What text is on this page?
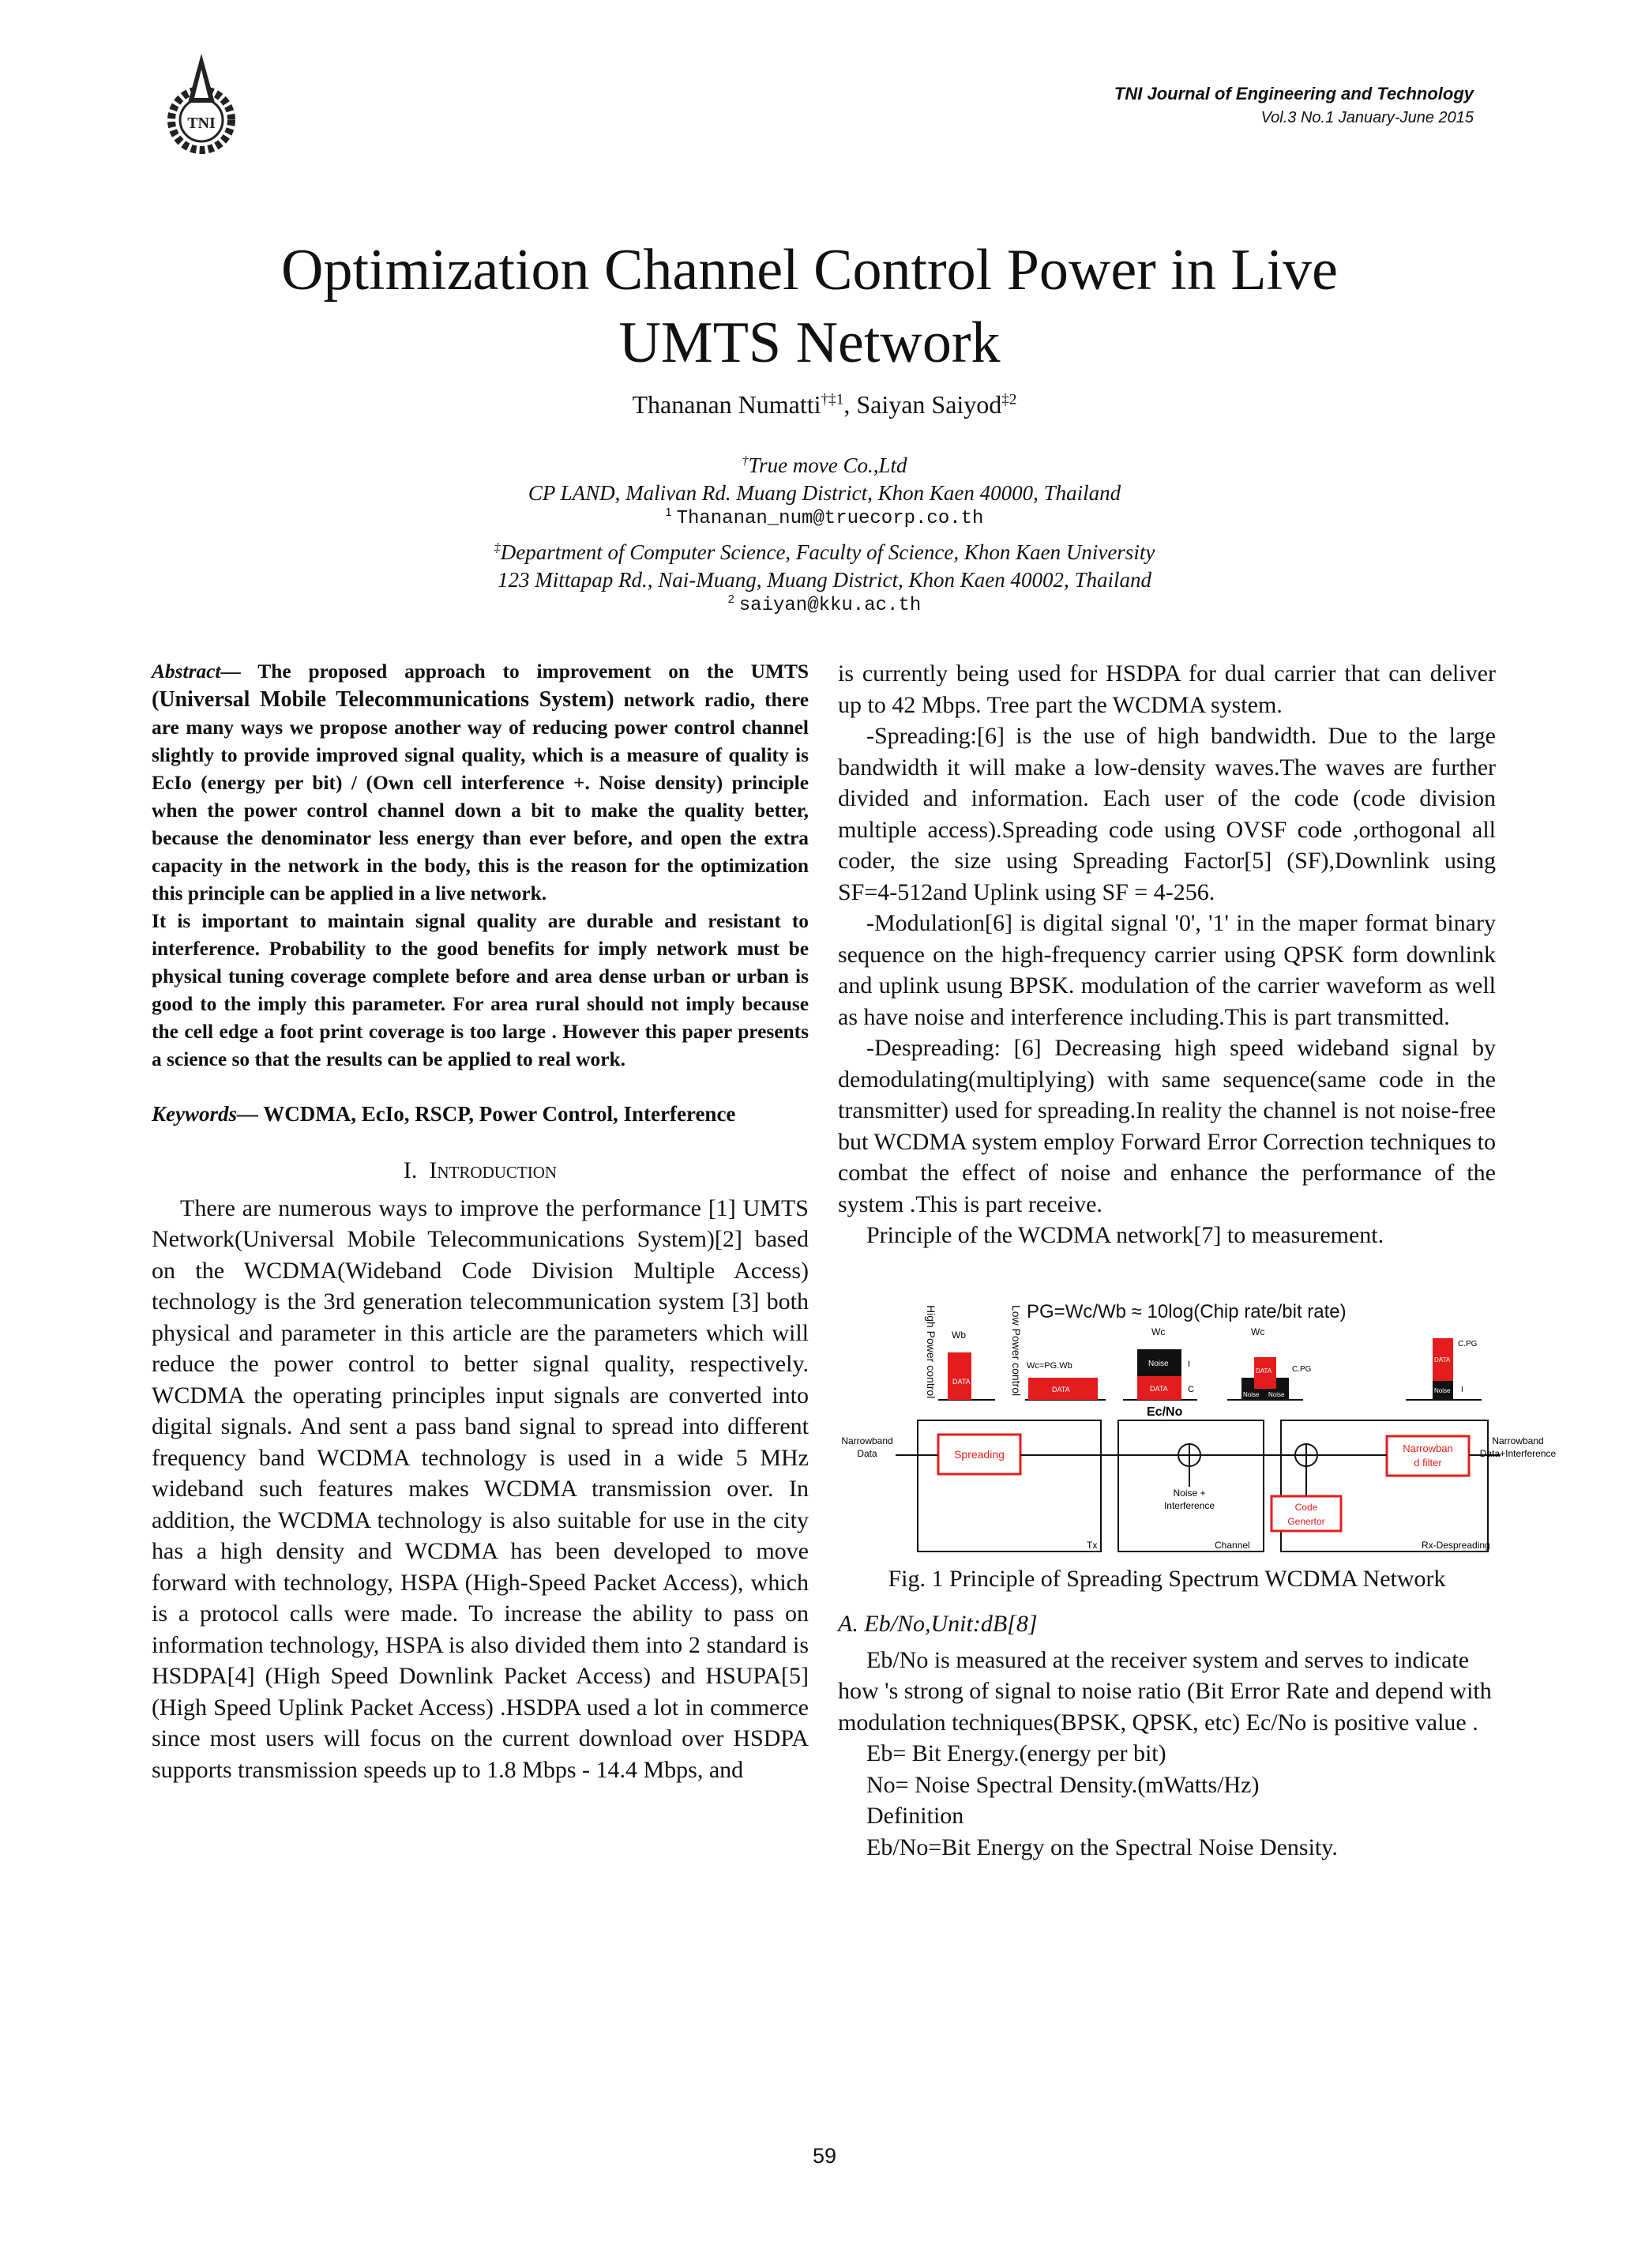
TNI
TNI Journal of Engineering and Technology
Vol.3 No.1 January-June 2015
Optimization Channel Control Power in Live
UMTS Network
Thananan Numatti$^{\dagger\ddagger 1}$, Saiyan Saiyod$^{\ddagger 2}$
†True move Co.,Ltd
CP LAND, Malivan Rd. Muang District, Khon Kaen 40000, Thailand
$^1$ Thananan_num@truecorp.co.th
‡Department of Computer Science, Faculty of Science, Khon Kaen University
123 Mittapap Rd., Nai-Muang, Muang District, Khon Kaen 40002, Thailand
$^2$ saiyan@kku.ac.th

Abstract— The proposed approach to improvement on the UMTS (Universal Mobile Telecommunications System) network radio, there are many ways we propose another way of reducing power control channel slightly to provide improved signal quality, which is a measure of quality is EcIo (energy per bit) / (Own cell interference +. Noise density) principle when the power control channel down a bit to make the quality better, because the denominator less energy than ever before, and open the extra capacity in the network in the body, this is the reason for the optimization this principle can be applied in a live network.

It is important to maintain signal quality are durable and resistant to interference. Probability to the good benefits for imply network must be physical tuning coverage complete before and area dense urban or urban is good to the imply this parameter. For area rural should not imply because the cell edge a foot print coverage is too large . However this paper presents a science so that the results can be applied to real work.

Keywords— WCDMA, EcIo, RSCP, Power Control, Interference

I. Introduction

There are numerous ways to improve the performance [1] UMTS Network(Universal Mobile Telecommunications System)[2] based on the WCDMA(Wideband Code Division Multiple Access) technology is the 3rd generation telecommunication system [3] both physical and parameter in this article are the parameters which will reduce the power control to better signal quality, respectively. WCDMA the operating principles input signals are converted into digital signals. And sent a pass band signal to spread into different frequency band WCDMA technology is used in a wide 5 MHz wideband such features makes WCDMA transmission over. In addition, the WCDMA technology is also suitable for use in the city has a high density and WCDMA has been developed to move forward with technology, HSPA (High-Speed Packet Access), which is a protocol calls were made. To increase the ability to pass on information technology, HSPA is also divided them into 2 standard is HSDPA[4] (High Speed Downlink Packet Access) and HSUPA[5] (High Speed Uplink Packet Access) .HSDPA used a lot in commerce since most users will focus on the current download over HSDPA supports transmission speeds up to 1.8 Mbps - 14.4 Mbps, and

is currently being used for HSDPA for dual carrier that can deliver up to 42 Mbps. Tree part the WCDMA system.

-Spreading:[6] is the use of high bandwidth. Due to the large bandwidth it will make a low-density waves.The waves are further divided and information. Each user of the code (code division multiple access).Spreading code using OVSF code ,orthogonal all coder, the size using Spreading Factor[5] (SF),Downlink using SF=4-512and Uplink using SF = 4-256.

-Modulation[6] is digital signal '0', '1' in the maper format binary sequence on the high-frequency carrier using QPSK form downlink and uplink usung BPSK. modulation of the carrier waveform as well as have noise and interference including.This is part transmitted.

-Despreading: [6] Decreasing high speed wideband signal by demodulating(multiplying) with same sequence(same code in the transmitter) used for spreading.In reality the channel is not noise-free but WCDMA system employ Forward Error Correction techniques to combat the effect of noise and enhance the performance of the system .This is part receive.

Principle of the WCDMA network[7] to measurement.

PG=Wc/Wb ≈ 10log(Chip rate/bit rate)
High Power control	Low Power control
Wb
DATA
Wc=PG.Wb
DATA
Wc
Noise
DATA
I
C
Wc
DATA
Noise Noise
C.PG
DATA
Noise
C.PG
I
Ec/No
Spreading	Narrowban
d filter
Code
Genertor
Narrowband
Data
Noise +
Interference
Narrowband
Data+Interference
Tx	Channel	Rx-Despreading
Fig. 1 Principle of Spreading Spectrum WCDMA Network

A. Eb/No,Unit:dB[8]

Eb/No is measured at the receiver system and serves to indicate how 's strong of signal to noise ratio (Bit Error Rate and depend with modulation techniques(BPSK, QPSK, etc) Ec/No is positive value .

Eb= Bit Energy.(energy per bit)

No= Noise Spectral Density.(mWatts/Hz)

Definition

Eb/No=Bit Energy on the Spectral Noise Density.

59
